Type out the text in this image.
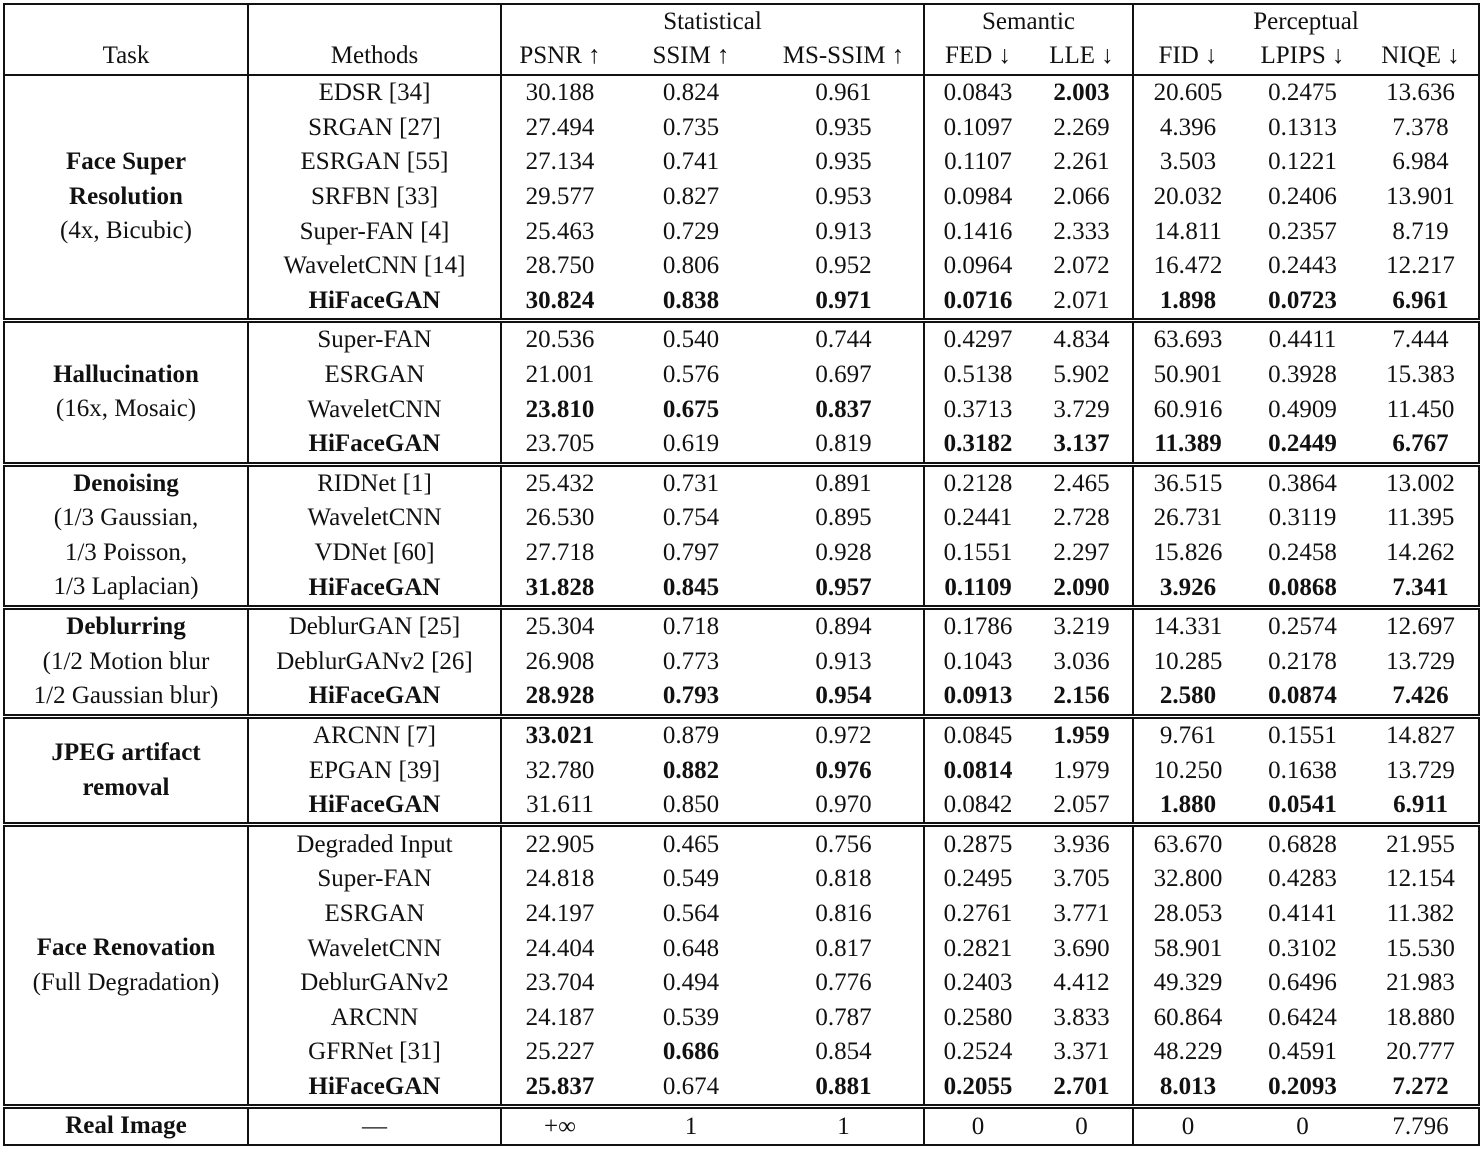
		Statistical			Semantic		Perceptual		
Task	Methods	PSNR ↑	SSIM ↑	MS-SSIM ↑	FED ↓	LLE ↓	FID ↓	LPIPS ↓	NIQE ↓

Face Super
Resolution
(4x, Bicubic)	EDSR [34]	30.188	0.824	0.961	0.0843	2.003	20.605	0.2475	13.636
	SRGAN [27]	27.494	0.735	0.935	0.1097	2.269	4.396	0.1313	7.378
	ESRGAN [55]	27.134	0.741	0.935	0.1107	2.261	3.503	0.1221	6.984
	SRFBN [33]	29.577	0.827	0.953	0.0984	2.066	20.032	0.2406	13.901
	Super-FAN [4]	25.463	0.729	0.913	0.1416	2.333	14.811	0.2357	8.719
	WaveletCNN [14]	28.750	0.806	0.952	0.0964	2.072	16.472	0.2443	12.217
	HiFaceGAN	30.824	0.838	0.971	0.0716	2.071	1.898	0.0723	6.961

Hallucination
(16x, Mosaic)	Super-FAN	20.536	0.540	0.744	0.4297	4.834	63.693	0.4411	7.444
	ESRGAN	21.001	0.576	0.697	0.5138	5.902	50.901	0.3928	15.383
	WaveletCNN	23.810	0.675	0.837	0.3713	3.729	60.916	0.4909	11.450
	HiFaceGAN	23.705	0.619	0.819	0.3182	3.137	11.389	0.2449	6.767

Denoising
(1/3 Gaussian,
1/3 Poisson,
1/3 Laplacian)	RIDNet [1]	25.432	0.731	0.891	0.2128	2.465	36.515	0.3864	13.002
	WaveletCNN	26.530	0.754	0.895	0.2441	2.728	26.731	0.3119	11.395
	VDNet [60]	27.718	0.797	0.928	0.1551	2.297	15.826	0.2458	14.262
	HiFaceGAN	31.828	0.845	0.957	0.1109	2.090	3.926	0.0868	7.341

Deblurring
(1/2 Motion blur
1/2 Gaussian blur)	DeblurGAN [25]	25.304	0.718	0.894	0.1786	3.219	14.331	0.2574	12.697
	DeblurGANv2 [26]	26.908	0.773	0.913	0.1043	3.036	10.285	0.2178	13.729
	HiFaceGAN	28.928	0.793	0.954	0.0913	2.156	2.580	0.0874	7.426

JPEG artifact
removal	ARCNN [7]	33.021	0.879	0.972	0.0845	1.959	9.761	0.1551	14.827
	EPGAN [39]	32.780	0.882	0.976	0.0814	1.979	10.250	0.1638	13.729
	HiFaceGAN	31.611	0.850	0.970	0.0842	2.057	1.880	0.0541	6.911

Face Renovation
(Full Degradation)	Degraded Input	22.905	0.465	0.756	0.2875	3.936	63.670	0.6828	21.955
	Super-FAN	24.818	0.549	0.818	0.2495	3.705	32.800	0.4283	12.154
	ESRGAN	24.197	0.564	0.816	0.2761	3.771	28.053	0.4141	11.382
	WaveletCNN	24.404	0.648	0.817	0.2821	3.690	58.901	0.3102	15.530
	DeblurGANv2	23.704	0.494	0.776	0.2403	4.412	49.329	0.6496	21.983
	ARCNN	24.187	0.539	0.787	0.2580	3.833	60.864	0.6424	18.880
	GFRNet [31]	25.227	0.686	0.854	0.2524	3.371	48.229	0.4591	20.777
	HiFaceGAN	25.837	0.674	0.881	0.2055	2.701	8.013	0.2093	7.272

Real Image	—	+∞	1	1	0	0	0	0	7.796
